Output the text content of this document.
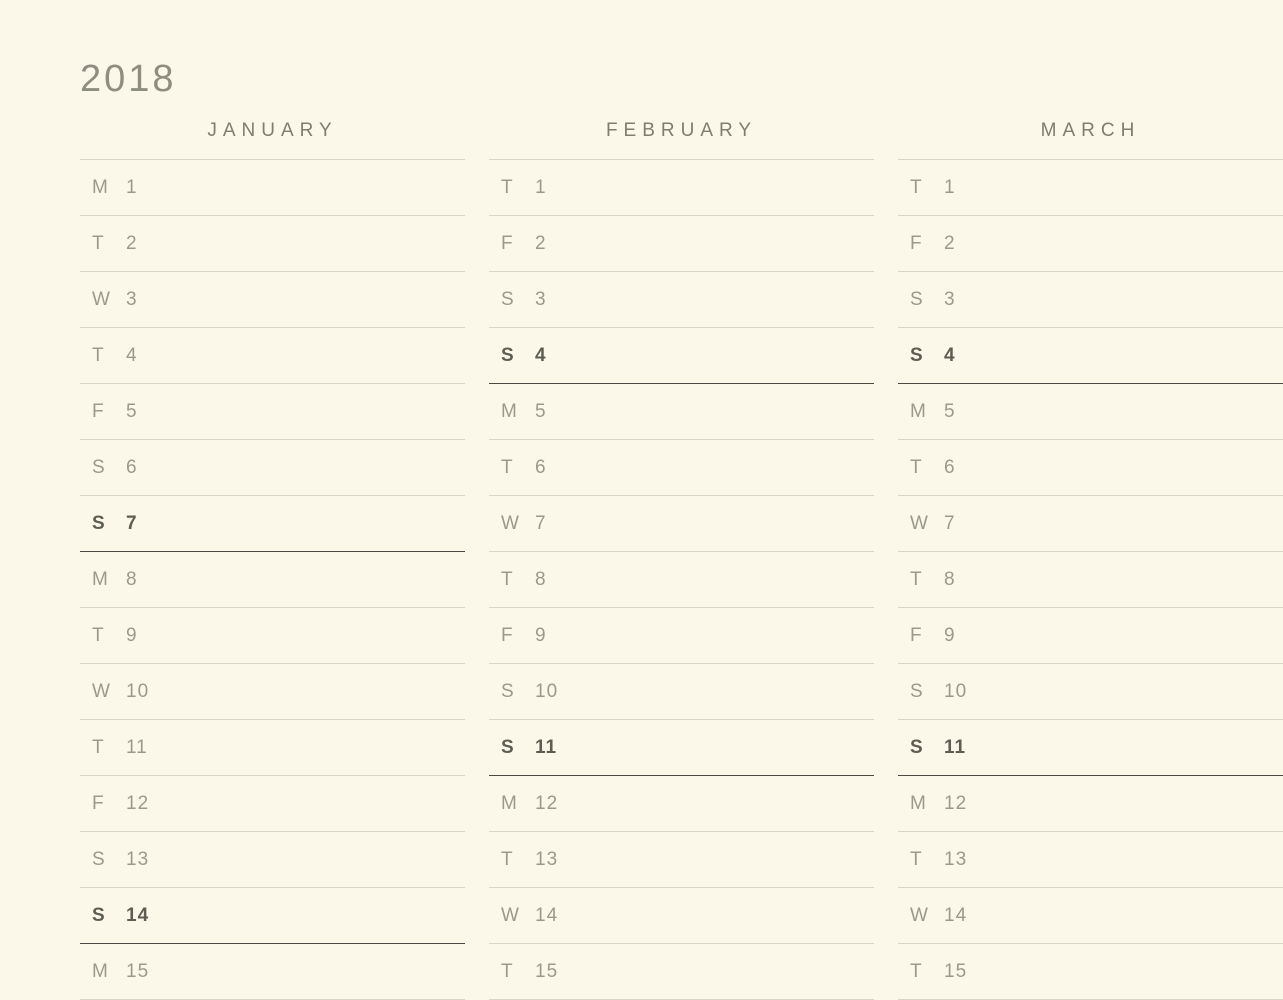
2018
JANUARY
M 1
T	2
W 3
T	4
F	5
S	6
S	7
M 8
T	9
W 10
T	11
F	12
S	13
S	14
M 15
FEBRUARY
T	1
F	2
S	3
S	4
M 5
T	6
W 7
T	8
F	9
S	10
S	11
M 12
T	13
W 14
T	15
MARCH
T	1
F	2
S	3
S	4
M 5
T	6
W 7
T	8
F	9
S	10
S	11
M 12
T	13
W 14
T	15
